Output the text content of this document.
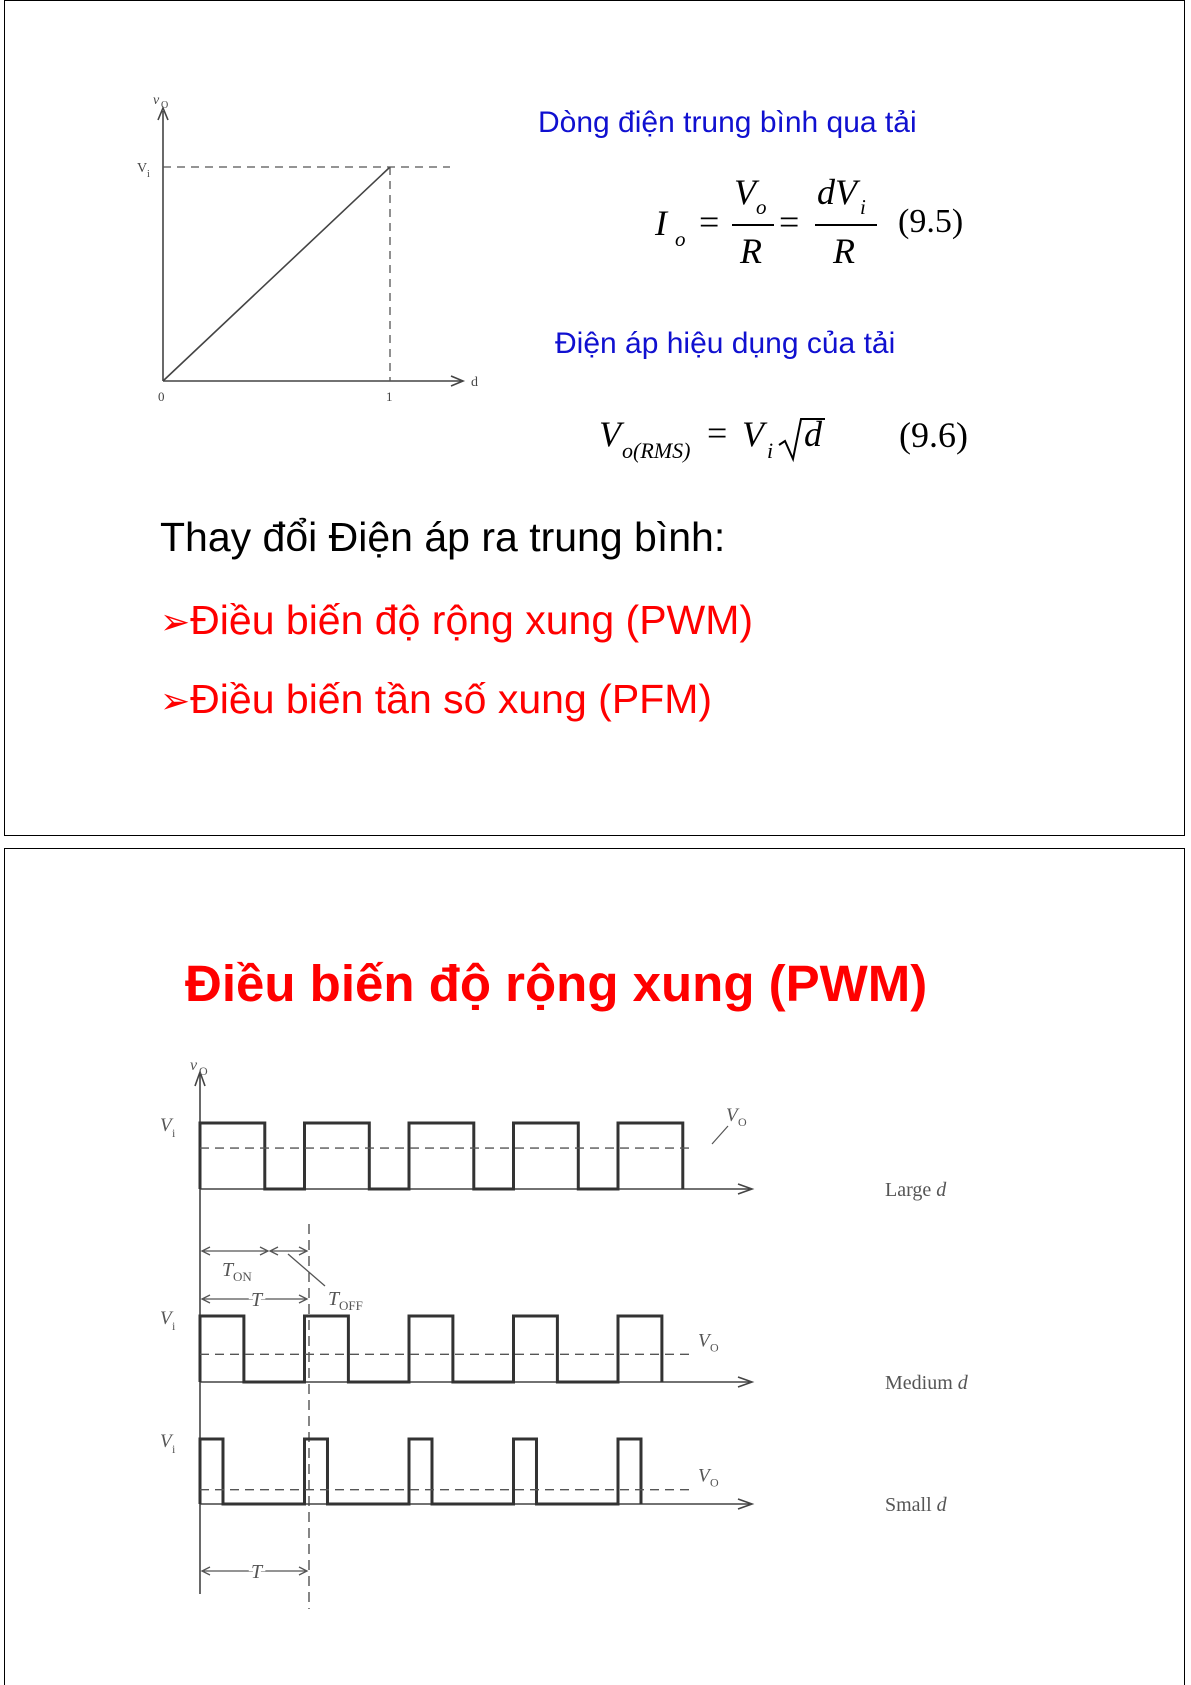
v O
V i
d
0	1
Dòng điện trung bình qua tải
I o =
V o
R
=
dV i
R
(9.5)
Điện áp hiệu dụng của tải
V o(RMS) = V i d (9.6)
Thay đổi Điện áp ra trung bình:
➢Điều biến độ rộng xung (PWM)
➢Điều biến tần số xung (PFM)
Điều biến độ rộng xung (PWM)
v O
T ON
T OFF
T
T
V i
V O
Large d
V i
V O
Medium d
V i
V O
Small d
